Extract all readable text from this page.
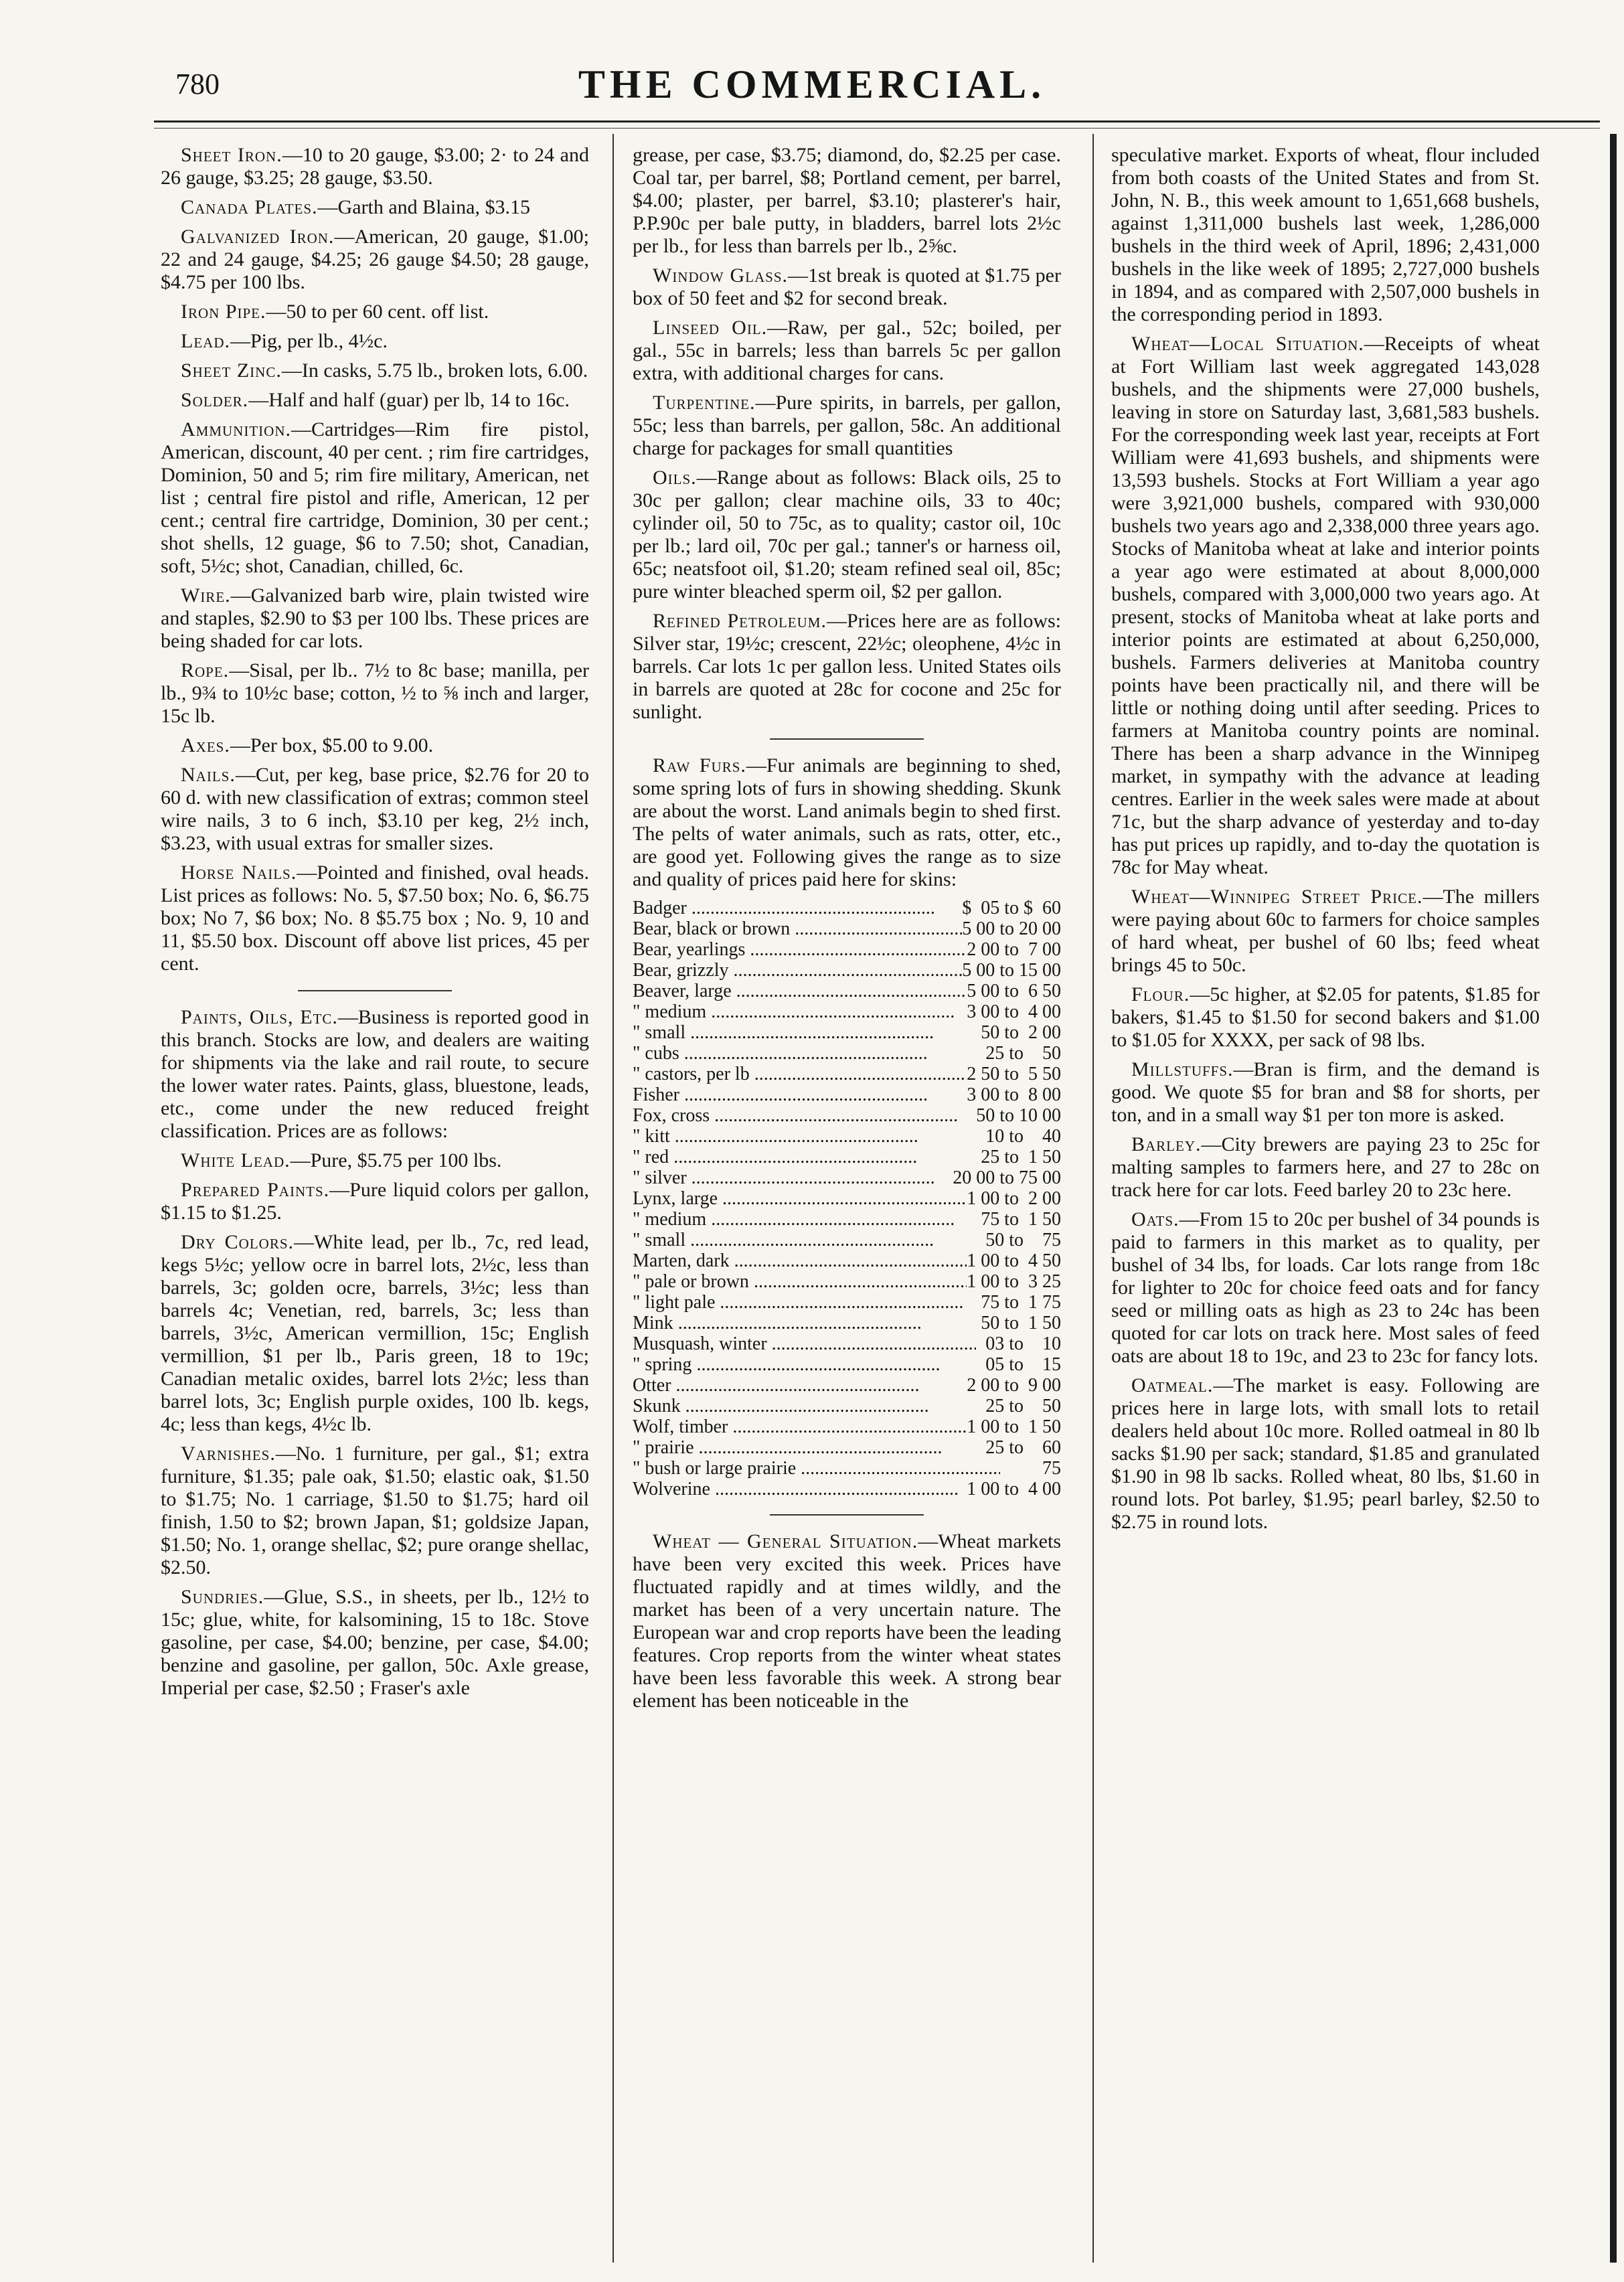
780	THE COMMERCIAL.

Sheet Iron.—10 to 20 gauge, $3.00; 2· to 24 and 26 gauge, $3.25; 28 gauge, $3.50.

Canada Plates.—Garth and Blaina, $3.15

Galvanized Iron.—American, 20 gauge, $1.00; 22 and 24 gauge, $4.25; 26 gauge $4.50; 28 gauge, $4.75 per 100 lbs.

Iron Pipe.—50 to per 60 cent. off list.

Lead.—Pig, per lb., 4½c.

Sheet Zinc.—In casks, 5.75 lb., broken lots, 6.00.

Solder.—Half and half (guar) per lb, 14 to 16c.

Ammunition.—Cartridges—Rim fire pistol, American, discount, 40 per cent. ; rim fire cartridges, Dominion, 50 and 5; rim fire military, American, net list ; central fire pistol and rifle, American, 12 per cent.; central fire cartridge, Dominion, 30 per cent.; shot shells, 12 guage, $6 to 7.50; shot, Canadian, soft, 5½c; shot, Canadian, chilled, 6c.

Wire.—Galvanized barb wire, plain twisted wire and staples, $2.90 to $3 per 100 lbs. These prices are being shaded for car lots.

Rope.—Sisal, per lb.. 7½ to 8c base; manilla, per lb., 9¾ to 10½c base; cotton, ½ to ⅝ inch and larger, 15c lb.

Axes.—Per box, $5.00 to 9.00.

Nails.—Cut, per keg, base price, $2.76 for 20 to 60 d. with new classification of extras; common steel wire nails, 3 to 6 inch, $3.10 per keg, 2½ inch, $3.23, with usual extras for smaller sizes.

Horse Nails.—Pointed and finished, oval heads. List prices as follows: No. 5, $7.50 box; No. 6, $6.75 box; No 7, $6 box; No. 8 $5.75 box ; No. 9, 10 and 11, $5.50 box. Discount off above list prices, 45 per cent.

Paints, Oils, Etc.—Business is reported good in this branch. Stocks are low, and dealers are waiting for shipments via the lake and rail route, to secure the lower water rates. Paints, glass, bluestone, leads, etc., come under the new reduced freight classification. Prices are as follows:

White Lead.—Pure, $5.75 per 100 lbs.

Prepared Paints.—Pure liquid colors per gallon, $1.15 to $1.25.

Dry Colors.—White lead, per lb., 7c, red lead, kegs 5½c; yellow ocre in barrel lots, 2½c, less than barrels, 3c; golden ocre, barrels, 3½c; less than barrels 4c; Venetian, red, barrels, 3c; less than barrels, 3½c, American vermillion, 15c; English vermillion, $1 per lb., Paris green, 18 to 19c; Canadian metalic oxides, barrel lots 2½c; less than barrel lots, 3c; English purple oxides, 100 lb. kegs, 4c; less than kegs, 4½c lb.

Varnishes.—No. 1 furniture, per gal., $1; extra furniture, $1.35; pale oak, $1.50; elastic oak, $1.50 to $1.75; No. 1 carriage, $1.50 to $1.75; hard oil finish, 1.50 to $2; brown Japan, $1; goldsize Japan, $1.50; No. 1, orange shellac, $2; pure orange shellac, $2.50.

Sundries.—Glue, S.S., in sheets, per lb., 12½ to 15c; glue, white, for kalsomining, 15 to 18c. Stove gasoline, per case, $4.00; benzine, per case, $4.00; benzine and gasoline, per gallon, 50c. Axle grease, Imperial per case, $2.50 ; Fraser's axle

grease, per case, $3.75; diamond, do, $2.25 per case. Coal tar, per barrel, $8; Portland cement, per barrel, $4.00; plaster, per barrel, $3.10; plasterer's hair, P.P.90c per bale putty, in bladders, barrel lots 2½c per lb., for less than barrels per lb., 2⅝c.

Window Glass.—1st break is quoted at $1.75 per box of 50 feet and $2 for second break.

Linseed Oil.—Raw, per gal., 52c; boiled, per gal., 55c in barrels; less than barrels 5c per gallon extra, with additional charges for cans.

Turpentine.—Pure spirits, in barrels, per gallon, 55c; less than barrels, per gallon, 58c. An additional charge for packages for small quantities

Oils.—Range about as follows: Black oils, 25 to 30c per gallon; clear machine oils, 33 to 40c; cylinder oil, 50 to 75c, as to quality; castor oil, 10c per lb.; lard oil, 70c per gal.; tanner's or harness oil, 65c; neatsfoot oil, $1.20; steam refined seal oil, 85c; pure winter bleached sperm oil, $2 per gallon.

Refined Petroleum.—Prices here are as follows: Silver star, 19½c; crescent, 22½c; oleophene, 4½c in barrels. Car lots 1c per gallon less. United States oils in barrels are quoted at 28c for cocone and 25c for sunlight.

Raw Furs.—Fur animals are beginning to shed, some spring lots of furs in showing shedding. Skunk are about the worst. Land animals begin to shed first. The pelts of water animals, such as rats, otter, etc., are good yet. Following gives the range as to size and quality of prices paid here for skins:

Badger .....	$  05 to $  60
Bear, black or brown .....	5 00 to 20 00
Bear, yearlings .....	2 00 to  7 00
Bear, grizzly .....	5 00 to 15 00
Beaver, large .....	5 00 to  6 50
" medium .....	3 00 to  4 00
" small .....	50 to  2 00
" cubs .....	25 to    50
" castors, per lb .....	2 50 to  5 50
Fisher .....	3 00 to  8 00
Fox, cross .....	50 to 10 00
" kitt .....	10 to    40
" red .....	25 to  1 50
" silver .....	20 00 to 75 00
Lynx, large .....	1 00 to  2 00
" medium .....	75 to  1 50
" small .....	50 to    75
Marten, dark .....	1 00 to  4 50
" pale or brown .....	1 00 to  3 25
" light pale .....	75 to  1 75
Mink .....	50 to  1 50
Musquash, winter .....	03 to    10
" spring .....	05 to    15
Otter .....	2 00 to  9 00
Skunk .....	25 to    50
Wolf, timber .....	1 00 to  1 50
" prairie .....	25 to    60
" bush or large prairie .....	75
Wolverine .....	1 00 to  4 00

Wheat — General Situation.—Wheat markets have been very excited this week. Prices have fluctuated rapidly and at times wildly, and the market has been of a very uncertain nature. The European war and crop reports have been the leading features. Crop reports from the winter wheat states have been less favorable this week. A strong bear element has been noticeable in the

speculative market. Exports of wheat, flour included from both coasts of the United States and from St. John, N. B., this week amount to 1,651,668 bushels, against 1,311,000 bushels last week, 1,286,000 bushels in the third week of April, 1896; 2,431,000 bushels in the like week of 1895; 2,727,000 bushels in 1894, and as compared with 2,507,000 bushels in the corresponding period in 1893.

Wheat—Local Situation.—Receipts of wheat at Fort William last week aggregated 143,028 bushels, and the shipments were 27,000 bushels, leaving in store on Saturday last, 3,681,583 bushels. For the corresponding week last year, receipts at Fort William were 41,693 bushels, and shipments were 13,593 bushels. Stocks at Fort William a year ago were 3,921,000 bushels, compared with 930,000 bushels two years ago and 2,338,000 three years ago. Stocks of Manitoba wheat at lake and interior points a year ago were estimated at about 8,000,000 bushels, compared with 3,000,000 two years ago. At present, stocks of Manitoba wheat at lake ports and interior points are estimated at about 6,250,000, bushels. Farmers deliveries at Manitoba country points have been practically nil, and there will be little or nothing doing until after seeding. Prices to farmers at Manitoba country points are nominal. There has been a sharp advance in the Winnipeg market, in sympathy with the advance at leading centres. Earlier in the week sales were made at about 71c, but the sharp advance of yesterday and to-day has put prices up rapidly, and to-day the quotation is 78c for May wheat.

Wheat—Winnipeg Street Price.—The millers were paying about 60c to farmers for choice samples of hard wheat, per bushel of 60 lbs; feed wheat brings 45 to 50c.

Flour.—5c higher, at $2.05 for patents, $1.85 for bakers, $1.45 to $1.50 for second bakers and $1.00 to $1.05 for XXXX, per sack of 98 lbs.

Millstuffs.—Bran is firm, and the demand is good. We quote $5 for bran and $8 for shorts, per ton, and in a small way $1 per ton more is asked.

Barley.—City brewers are paying 23 to 25c for malting samples to farmers here, and 27 to 28c on track here for car lots. Feed barley 20 to 23c here.

Oats.—From 15 to 20c per bushel of 34 pounds is paid to farmers in this market as to quality, per bushel of 34 lbs, for loads. Car lots range from 18c for lighter to 20c for choice feed oats and for fancy seed or milling oats as high as 23 to 24c has been quoted for car lots on track here. Most sales of feed oats are about 18 to 19c, and 23 to 23c for fancy lots.

Oatmeal.—The market is easy. Following are prices here in large lots, with small lots to retail dealers held about 10c more. Rolled oatmeal in 80 lb sacks $1.90 per sack; standard, $1.85 and granulated $1.90 in 98 lb sacks. Rolled wheat, 80 lbs, $1.60 in round lots. Pot barley, $1.95; pearl barley, $2.50 to $2.75 in round lots.
